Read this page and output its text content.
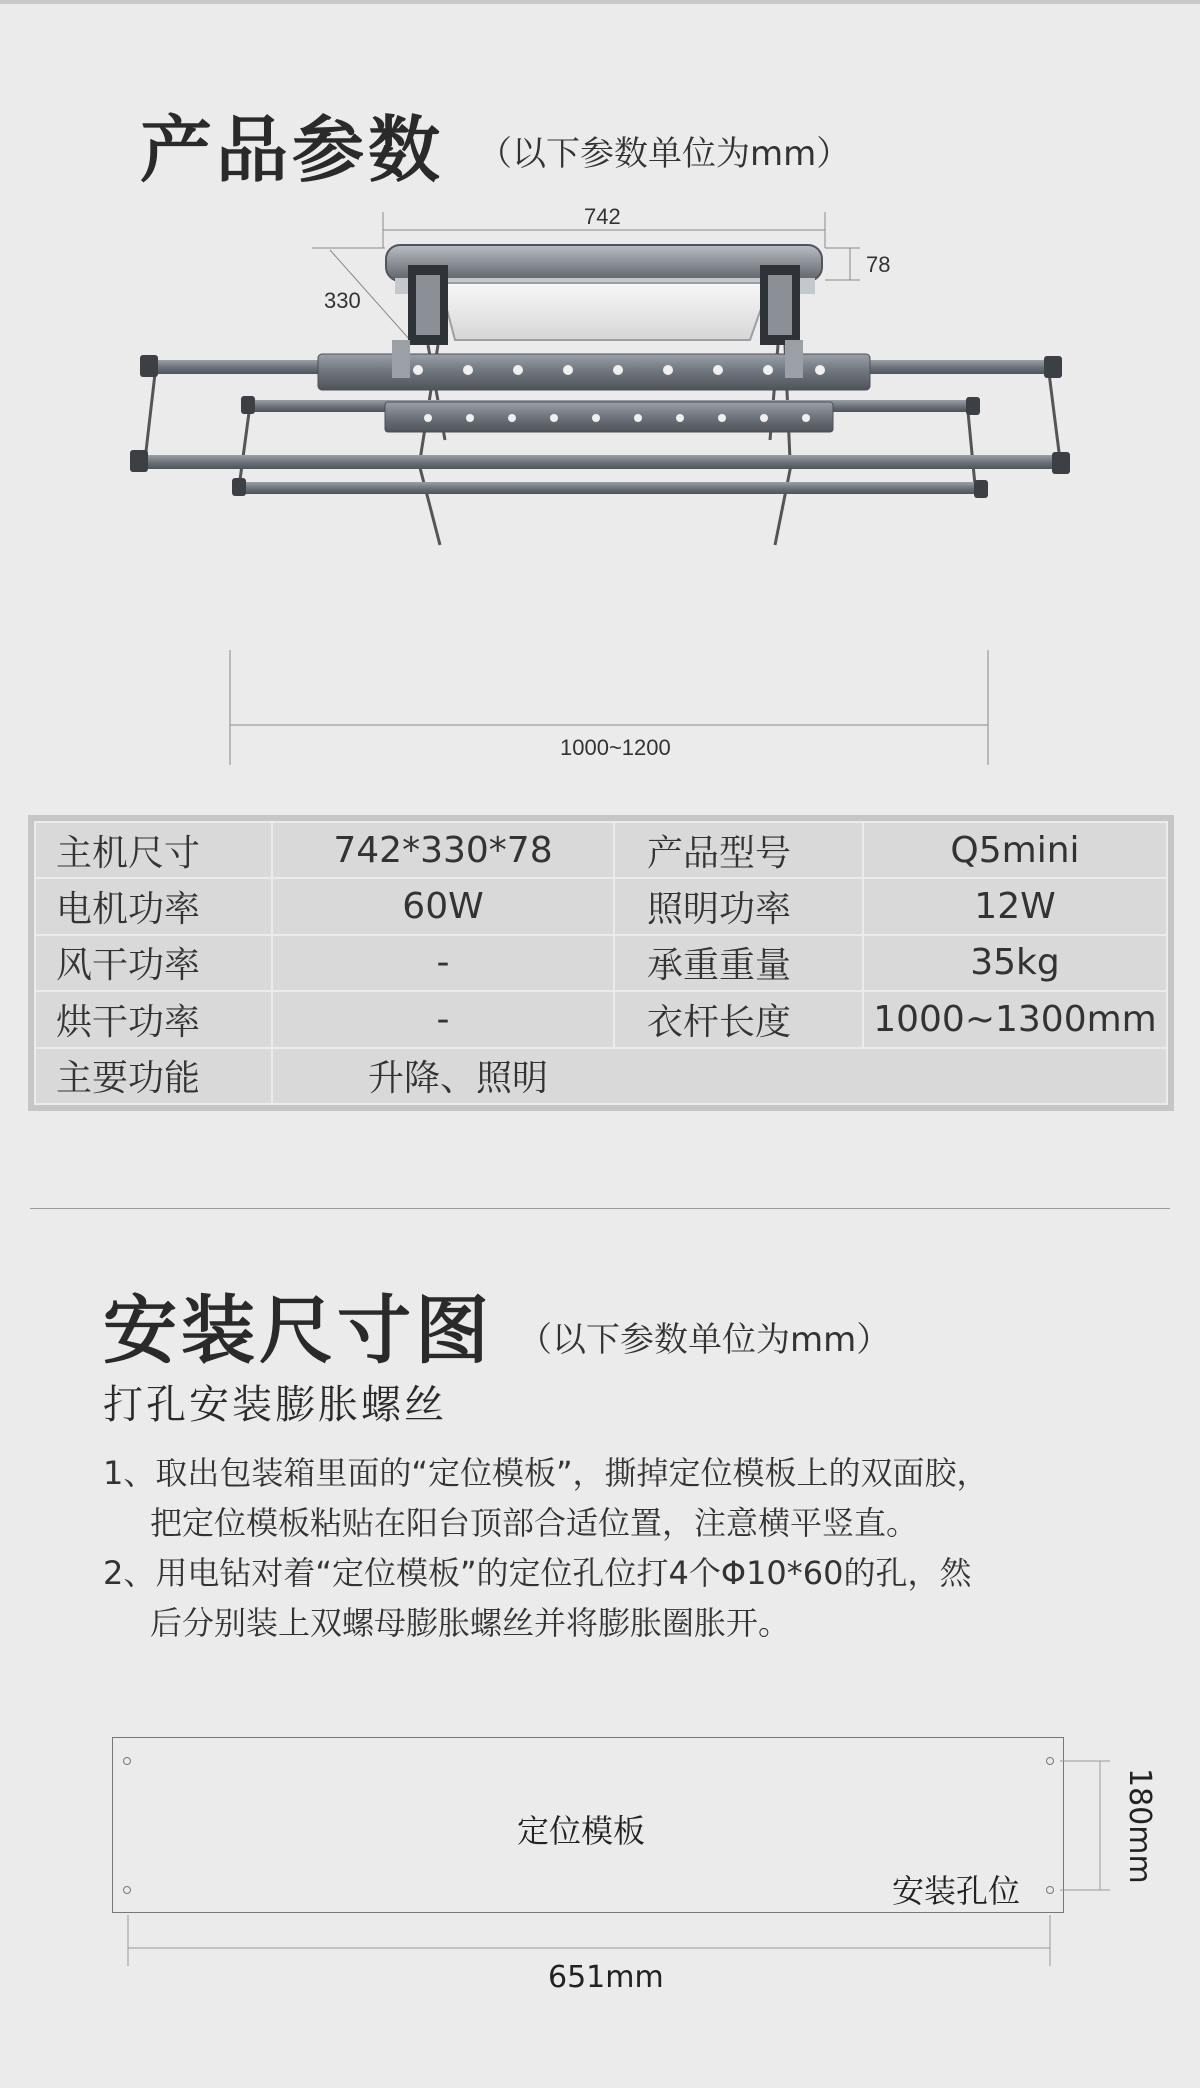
产品参数 （以下参数单位为mm）
742
330
78
1000~1200
主机尺寸	742*330*78	产品型号	Q5mini
电机功率	60W	照明功率	12W
风干功率	-	承重重量	35kg
烘干功率	-	衣杆长度	1000~1300mm
主要功能	升降、照明		
安装尺寸图 （以下参数单位为mm）
打孔安装膨胀螺丝
1、取出包装箱里面的“定位模板”，撕掉定位模板上的双面胶，
把定位模板粘贴在阳台顶部合适位置，注意横平竖直。
2、用电钻对着“定位模板”的定位孔位打4个Φ10*60的孔，然
后分别装上双螺母膨胀螺丝并将膨胀圈胀开。
定位模板
安装孔位
651mm
180mm
